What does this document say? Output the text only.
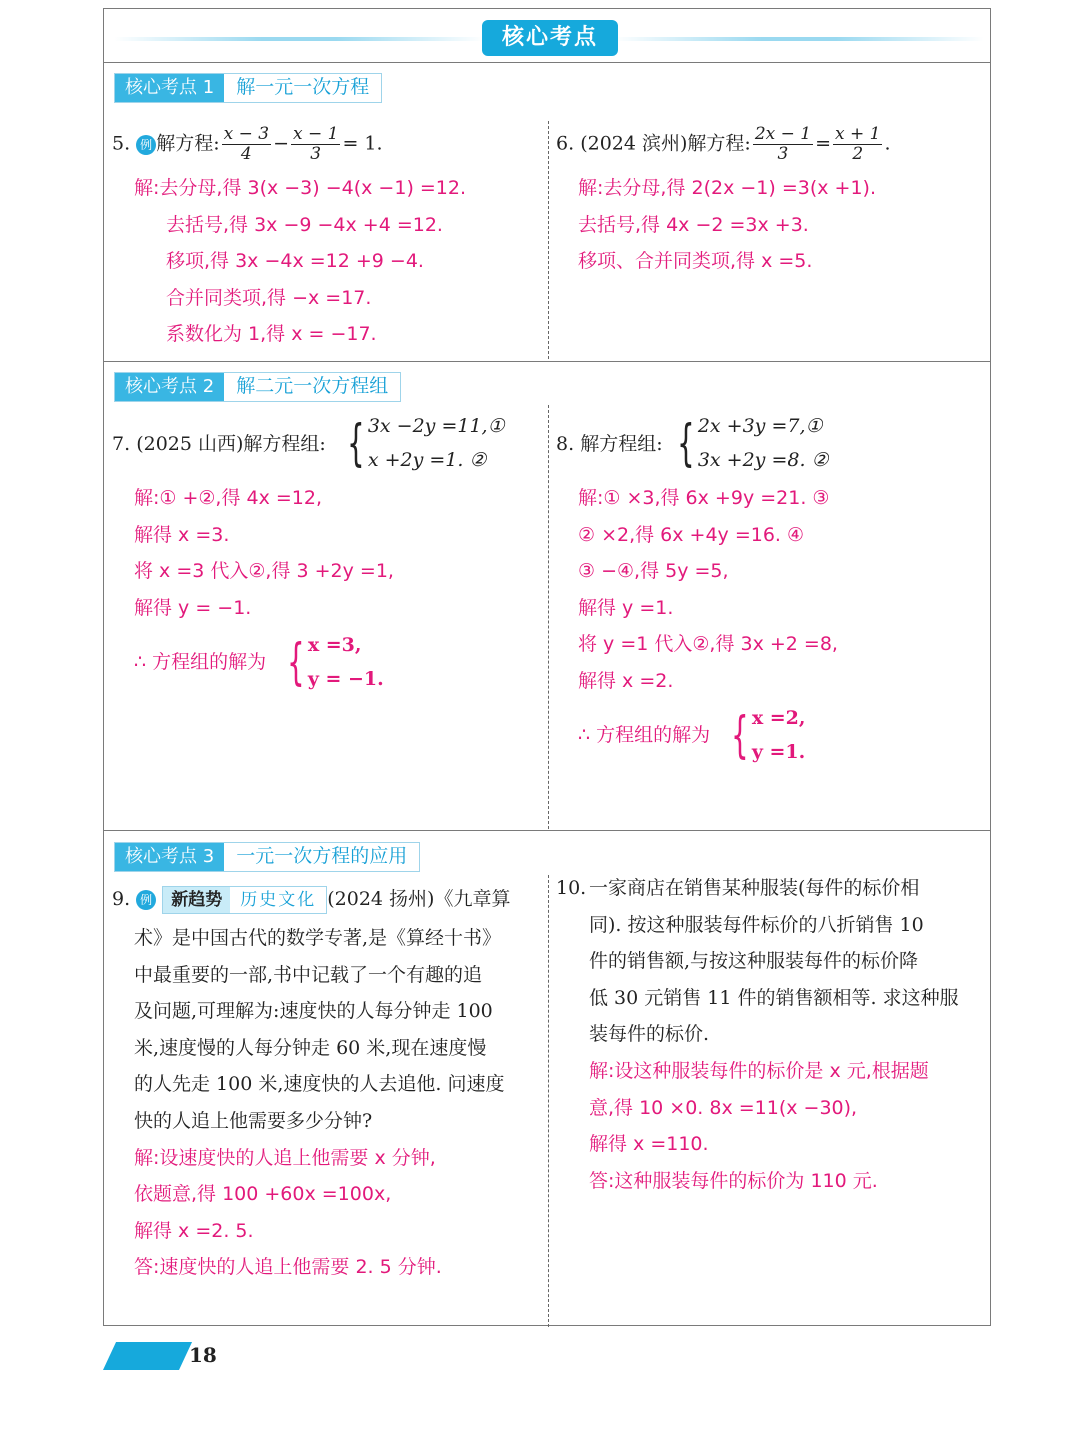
核心考点
核心考点 1	解一元一次方程
5. 例 解方程: $\frac{x - 3}{4} - \frac{x - 1}{3} = 1$.
解:去分母,得 3(x −3) −4(x −1) =12.
去括号,得 3x −9 −4x +4 =12.
移项,得 3x −4x =12 +9 −4.
合并同类项,得 −x =17.
系数化为 1,得 x = −17.
6. (2024 滨州)解方程: $\frac{2x - 1}{3} = \frac{x + 1}{2}$ .
解:去分母,得 2(2x −1) =3(x +1).
去括号,得 4x −2 =3x +3.
移项、合并同类项,得 x =5.
核心考点 2	解二元一次方程组
7. (2025 山西)解方程组: { 3x −2y =11,①
x +2y =1. ②
解:① +②,得 4x =12,
解得 x =3.
将 x =3 代入②,得 3 +2y =1,
解得 y = −1.
∴ 方程组的解为 { x =3,
y = −1.
8. 解方程组: { 2x +3y =7,①
3x +2y =8. ②
解:① ×3,得 6x +9y =21. ③
② ×2,得 6x +4y =16. ④
③ −④,得 5y =5,
解得 y =1.
将 y =1 代入②,得 3x +2 =8,
解得 x =2.
∴ 方程组的解为 { x =2,
y =1.
核心考点 3	一元一次方程的应用
9. 例	新趋势	历史文化 (2024 扬州)《九章算
术》是中国古代的数学专著,是《算经十书》
中最重要的一部,书中记载了一个有趣的追
及问题,可理解为:速度快的人每分钟走 100
米,速度慢的人每分钟走 60 米,现在速度慢
的人先走 100 米,速度快的人去追他. 问速度
快的人追上他需要多少分钟?
解:设速度快的人追上他需要 x 分钟,
依题意,得 100 +60x =100x,
解得 x =2. 5.
答:速度快的人追上他需要 2. 5 分钟.
10. 一家商店在销售某种服装(每件的标价相
同). 按这种服装每件标价的八折销售 10
件的销售额,与按这种服装每件的标价降
低 30 元销售 11 件的销售额相等. 求这种服
装每件的标价.
解:设这种服装每件的标价是 x 元,根据题
意,得 10 ×0. 8x =11(x −30),
解得 x =110.
答:这种服装每件的标价为 110 元.
18
